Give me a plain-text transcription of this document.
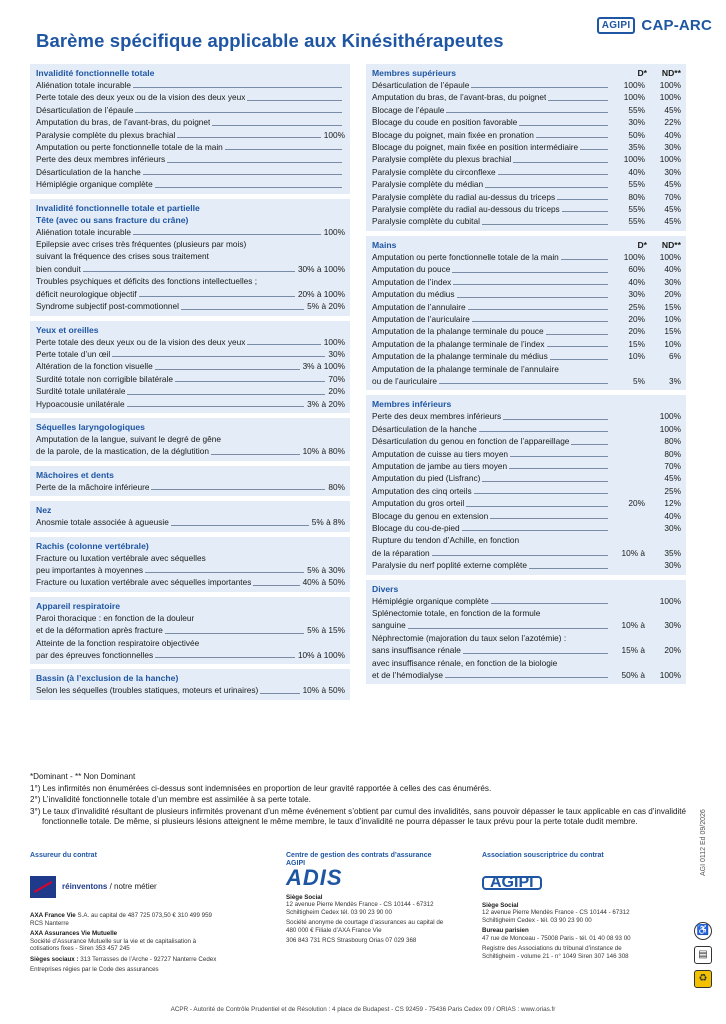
Barème spécifique applicable aux Kinésithérapeutes
AGIPI CAP-ARC
Invalidité fonctionnelle totale
Aliénation totale incurable
Perte totale des deux yeux ou de la vision des deux yeux
Désarticulation de l’épaule
Amputation du bras, de l’avant-bras, du poignet
Paralysie complète du plexus brachial	100%
Amputation ou perte fonctionnelle totale de la main
Perte des deux membres inférieurs
Désarticulation de la hanche
Hémiplégie organique complète
Invalidité fonctionnelle totale et partielle
Tête (avec ou sans fracture du crâne)
Aliénation totale incurable	100%
Epilepsie avec crises très fréquentes (plusieurs par mois)
suivant la fréquence des crises sous traitement
bien conduit	30% à 100%
Troubles psychiques et déficits des fonctions intellectuelles ;
déficit neurologique objectif	20% à 100%
Syndrome subjectif post-commotionnel	5% à 20%
Yeux et oreilles
Perte totale des deux yeux ou de la vision des deux yeux	100%
Perte totale d’un œil	30%
Altération de la fonction visuelle	3% à 100%
Surdité totale non corrigible bilatérale	70%
Surdité totale unilatérale	20%
Hypoacousie unilatérale	3% à 20%
Séquelles laryngologiques
Amputation de la langue, suivant le degré de gêne
de la parole, de la mastication, de la déglutition	10% à 80%
Mâchoires et dents
Perte de la mâchoire inférieure	80%
Nez
Anosmie totale associée à agueusie	5% à 8%
Rachis (colonne vertébrale)
Fracture ou luxation vertébrale avec séquelles
peu importantes à moyennes	5% à 30%
Fracture ou luxation vertébrale avec séquelles importantes	40% à 50%
Appareil respiratoire
Paroi thoracique : en fonction de la douleur
et de la déformation après fracture	5% à 15%
Atteinte de la fonction respiratoire objectivée
par des épreuves fonctionnelles	10% à 100%
Bassin (à l’exclusion de la hanche)
Selon les séquelles (troubles statiques, moteurs et urinaires)	10% à 50%
Membres supérieurs	D*	ND**
Désarticulation de l’épaule	100%	100%
Amputation du bras, de l’avant-bras, du poignet	100%	100%
Blocage de l’épaule	55%	45%
Blocage du coude en position favorable	30%	22%
Blocage du poignet, main fixée en pronation	50%	40%
Blocage du poignet, main fixée en position intermédiaire	35%	30%
Paralysie complète du plexus brachial	100%	100%
Paralysie complète du circonflexe	40%	30%
Paralysie complète du médian	55%	45%
Paralysie complète du radial au-dessus du triceps	80%	70%
Paralysie complète du radial au-dessous du triceps	55%	45%
Paralysie complète du cubital	55%	45%
Mains	D*	ND**
Amputation ou perte fonctionnelle totale de la main	100%	100%
Amputation du pouce	60%	40%
Amputation de l’index	40%	30%
Amputation du médius	30%	20%
Amputation de l’annulaire	25%	15%
Amputation de l’auriculaire	20%	10%
Amputation de la phalange terminale du pouce	20%	15%
Amputation de la phalange terminale de l’index	15%	10%
Amputation de la phalange terminale du médius	10%	6%
Amputation de la phalange terminale de l’annulaire
ou de l’auriculaire	5%	3%
Membres inférieurs
Perte des deux membres inférieurs	100%
Désarticulation de la hanche	100%
Désarticulation du genou en fonction de l’appareillage	80%
Amputation de cuisse au tiers moyen	80%
Amputation de jambe au tiers moyen	70%
Amputation du pied (Lisfranc)	45%
Amputation des cinq orteils	25%
Amputation du gros orteil	20%	12%
Blocage du genou en extension	40%
Blocage du cou-de-pied	30%
Rupture du tendon d’Achille, en fonction
de la réparation	10% à	35%
Paralysie du nerf poplité externe complète	30%
Divers
Hémiplégie organique complète	100%
Splénectomie totale, en fonction de la formule
sanguine	10% à	30%
Néphrectomie (majoration du taux selon l’azotémie) :
sans insuffisance rénale	15% à	20%
avec insuffisance rénale, en fonction de la biologie
et de l’hémodialyse	50% à	100%

*Dominant - ** Non Dominant

1°) Les infirmités non énumérées ci-dessus sont indemnisées en proportion de leur gravité rapportée à celles des cas énumérés.

2°) L’invalidité fonctionnelle totale d’un membre est assimilée à sa perte totale.

3°) Le taux d’invalidité résultant de plusieurs infirmités provenant d’un même événement s’obtient par cumul des invalidités, sans pouvoir dépasser le taux applicable en cas d’invalidité fonctionnelle totale. De même, si plusieurs lésions atteignent le même membre, le taux d’invalidité ne pourra dépasser le taux prévu pour la perte totale dudit membre.

Assureur du contrat
réinventons / notre métier

AXA France Vie S.A. au capital de 487 725 073,50 € 310 499 959 RCS Nanterre

AXA Assurances Vie Mutuelle
Société d’Assurance Mutuelle sur la vie et de capitalisation à cotisations fixes - Siren 353 457 245

Sièges sociaux : 313 Terrasses de l’Arche - 92727 Nanterre Cedex

Entreprises régies par le Code des assurances

Centre de gestion des contrats d’assurance AGIPI
ADIS

Siège Social
12 avenue Pierre Mendès France - CS 10144 - 67312 Schiltigheim Cedex tél. 03 90 23 90 00

Société anonyme de courtage d’assurances au capital de 480 000 € Filiale d’AXA France Vie

306 843 731 RCS Strasbourg Orias 07 029 368

Association souscriptrice du contrat
AGIPI

Siège Social
12 avenue Pierre Mendès France - CS 10144 - 67312 Schiltigheim Cedex - tél. 03 90 23 90 00

Bureau parisien
47 rue de Monceau - 75008 Paris - tél. 01 40 08 93 00

Registre des Associations du tribunal d’instance de Schiltigheim - volume 21 - n° 1049 Siren 307 146 308

AGI 0112 Ed 09/2026
♿
▤
♻
ACPR - Autorité de Contrôle Prudentiel et de Résolution : 4 place de Budapest - CS 92459 - 75436 Paris Cedex 09 / ORIAS : www.orias.fr
